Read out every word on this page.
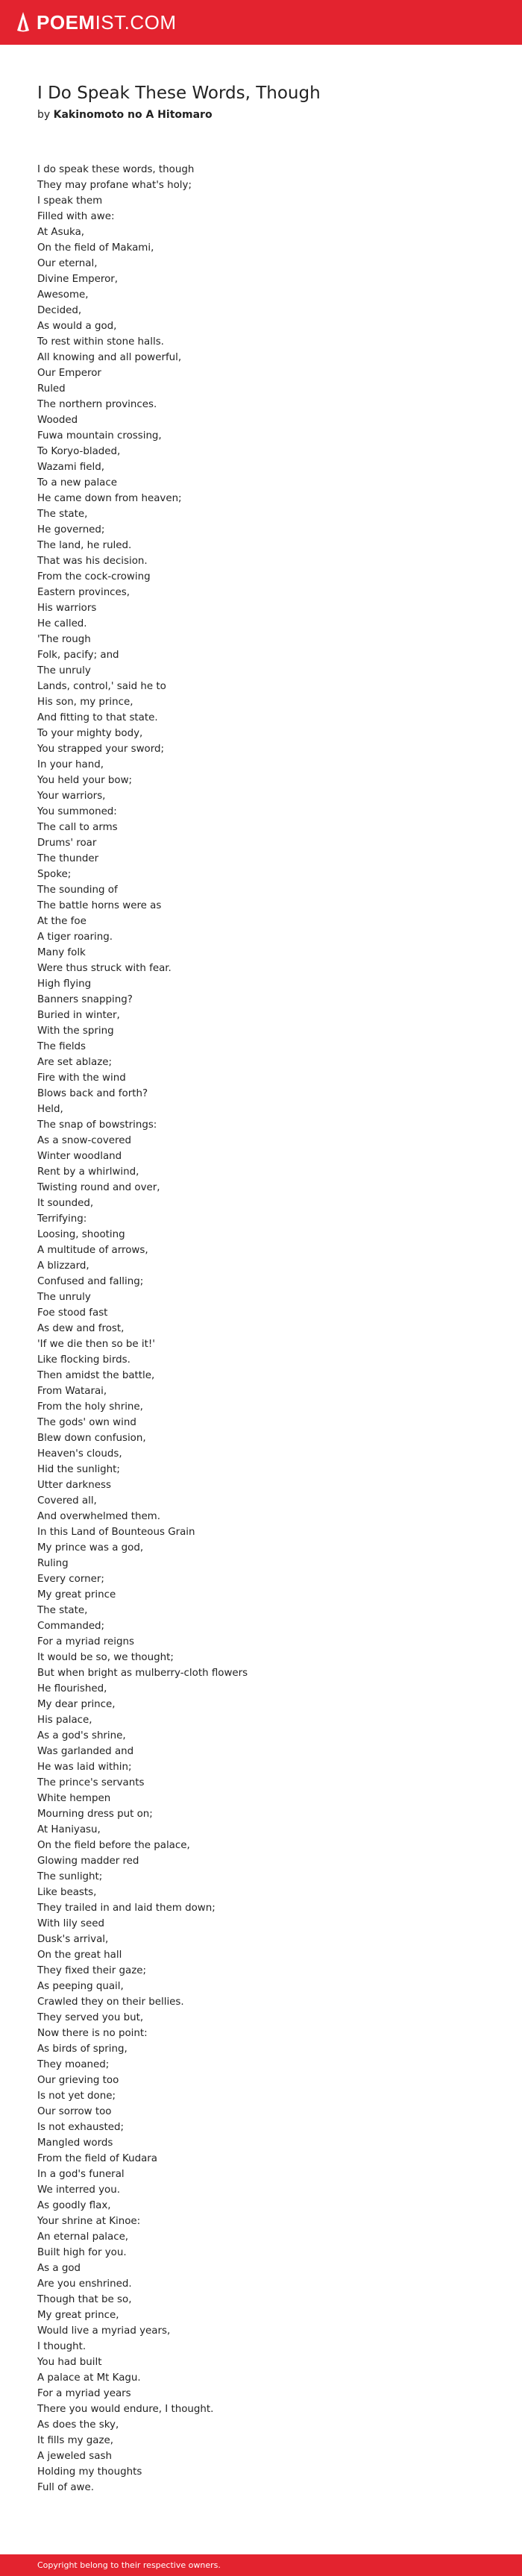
POEMIST.COM
I Do Speak These Words, Though
by Kakinomoto no A Hitomaro
I do speak these words, though
They may profane what's holy;
I speak them
Filled with awe:
At Asuka,
On the field of Makami,
Our eternal,
Divine Emperor,
Awesome,
Decided,
As would a god,
To rest within stone halls.
All knowing and all powerful,
Our Emperor
Ruled
The northern provinces.
Wooded
Fuwa mountain crossing,
To Koryo-bladed,
Wazami field,
To a new palace
He came down from heaven;
The state,
He governed;
The land, he ruled.
That was his decision.
From the cock-crowing
Eastern provinces,
His warriors
He called.
'The rough
Folk, pacify; and
The unruly
Lands, control,' said he to
His son, my prince,
And fitting to that state.
To your mighty body,
You strapped your sword;
In your hand,
You held your bow;
Your warriors,
You summoned:
The call to arms
Drums' roar
The thunder
Spoke;
The sounding of
The battle horns were as
At the foe
A tiger roaring.
Many folk
Were thus struck with fear.
High flying
Banners snapping?
Buried in winter,
With the spring
The fields
Are set ablaze;
Fire with the wind
Blows back and forth?
Held,
The snap of bowstrings:
As a snow-covered
Winter woodland
Rent by a whirlwind,
Twisting round and over,
It sounded,
Terrifying:
Loosing, shooting
A multitude of arrows,
A blizzard,
Confused and falling;
The unruly
Foe stood fast
As dew and frost,
'If we die then so be it!'
Like flocking birds.
Then amidst the battle,
From Watarai,
From the holy shrine,
The gods' own wind
Blew down confusion,
Heaven's clouds,
Hid the sunlight;
Utter darkness
Covered all,
And overwhelmed them.
In this Land of Bounteous Grain
My prince was a god,
Ruling
Every corner;
My great prince
The state,
Commanded;
For a myriad reigns
It would be so, we thought;
But when bright as mulberry-cloth flowers
He flourished,
My dear prince,
His palace,
As a god's shrine,
Was garlanded and
He was laid within;
The prince's servants
White hempen
Mourning dress put on;
At Haniyasu,
On the field before the palace,
Glowing madder red
The sunlight;
Like beasts,
They trailed in and laid them down;
With lily seed
Dusk's arrival,
On the great hall
They fixed their gaze;
As peeping quail,
Crawled they on their bellies.
They served you but,
Now there is no point:
As birds of spring,
They moaned;
Our grieving too
Is not yet done;
Our sorrow too
Is not exhausted;
Mangled words
From the field of Kudara
In a god's funeral
We interred you.
As goodly flax,
Your shrine at Kinoe:
An eternal palace,
Built high for you.
As a god
Are you enshrined.
Though that be so,
My great prince,
Would live a myriad years,
I thought.
You had built
A palace at Mt Kagu.
For a myriad years
There you would endure, I thought.
As does the sky,
It fills my gaze,
A jeweled sash
Holding my thoughts
Full of awe.
Copyright belong to their respective owners.
